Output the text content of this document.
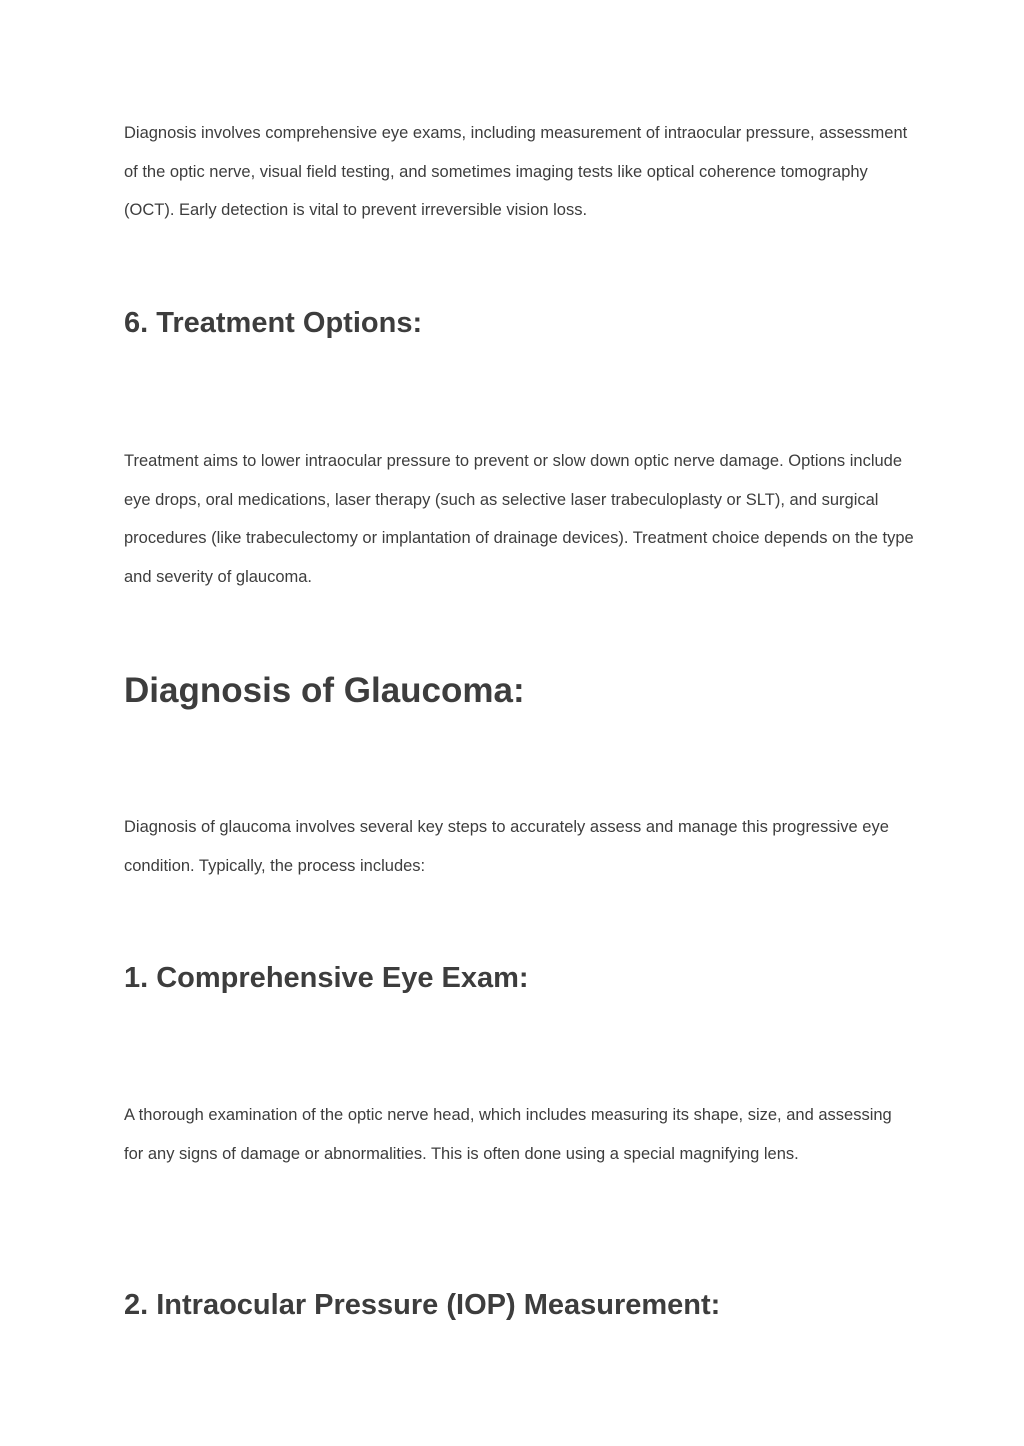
Diagnosis involves comprehensive eye exams, including measurement of intraocular pressure, assessment of the optic nerve, visual field testing, and sometimes imaging tests like optical coherence tomography (OCT). Early detection is vital to prevent irreversible vision loss.

6. Treatment Options:

Treatment aims to lower intraocular pressure to prevent or slow down optic nerve damage. Options include eye drops, oral medications, laser therapy (such as selective laser trabeculoplasty or SLT), and surgical procedures (like trabeculectomy or implantation of drainage devices). Treatment choice depends on the type and severity of glaucoma.

Diagnosis of Glaucoma:

Diagnosis of glaucoma involves several key steps to accurately assess and manage this progressive eye condition. Typically, the process includes:

1. Comprehensive Eye Exam:

A thorough examination of the optic nerve head, which includes measuring its shape, size, and assessing for any signs of damage or abnormalities. This is often done using a special magnifying lens.

2. Intraocular Pressure (IOP) Measurement:
